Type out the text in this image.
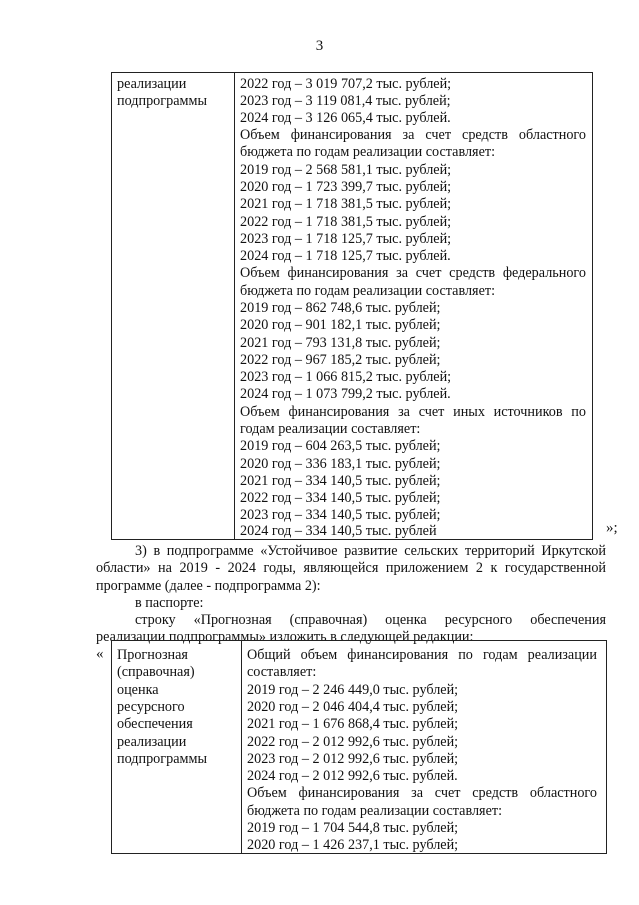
3
реализации
подпрограммы
2022 год – 3 019 707,2 тыс. рублей;
2023 год – 3 119 081,4 тыс. рублей;
2024 год – 3 126 065,4 тыс. рублей.
Объем финансирования за счет средств областного
бюджета по годам реализации составляет:
2019 год – 2 568 581,1 тыс. рублей;
2020 год – 1 723 399,7 тыс. рублей;
2021 год – 1 718 381,5 тыс. рублей;
2022 год – 1 718 381,5 тыс. рублей;
2023 год – 1 718 125,7 тыс. рублей;
2024 год – 1 718 125,7 тыс. рублей.
Объем финансирования за счет средств федерального
бюджета по годам реализации составляет:
2019 год – 862 748,6 тыс. рублей;
2020 год – 901 182,1 тыс. рублей;
2021 год – 793 131,8 тыс. рублей;
2022 год – 967 185,2 тыс. рублей;
2023 год – 1 066 815,2 тыс. рублей;
2024 год – 1 073 799,2 тыс. рублей.
Объем финансирования за счет иных источников по
годам реализации составляет:
2019 год – 604 263,5 тыс. рублей;
2020 год – 336 183,1 тыс. рублей;
2021 год – 334 140,5 тыс. рублей;
2022 год – 334 140,5 тыс. рублей;
2023 год – 334 140,5 тыс. рублей;
2024 год – 334 140,5 тыс. рублей	»;
3) в подпрограмме «Устойчивое развитие сельских территорий Иркутской
области» на 2019 - 2024 годы, являющейся приложением 2 к государственной
программе (далее - подпрограмма 2):
в паспорте:
строку «Прогнозная (справочная) оценка ресурсного обеспечения
реализации подпрограммы» изложить в следующей редакции:
« Прогнозная
(справочная)
оценка
ресурсного
обеспечения
реализации
подпрограммы
Общий объем финансирования по годам реализации
составляет:
2019 год – 2 246 449,0 тыс. рублей;
2020 год – 2 046 404,4 тыс. рублей;
2021 год – 1 676 868,4 тыс. рублей;
2022 год – 2 012 992,6 тыс. рублей;
2023 год – 2 012 992,6 тыс. рублей;
2024 год – 2 012 992,6 тыс. рублей.
Объем финансирования за счет средств областного
бюджета по годам реализации составляет:
2019 год – 1 704 544,8 тыс. рублей;
2020 год – 1 426 237,1 тыс. рублей;
